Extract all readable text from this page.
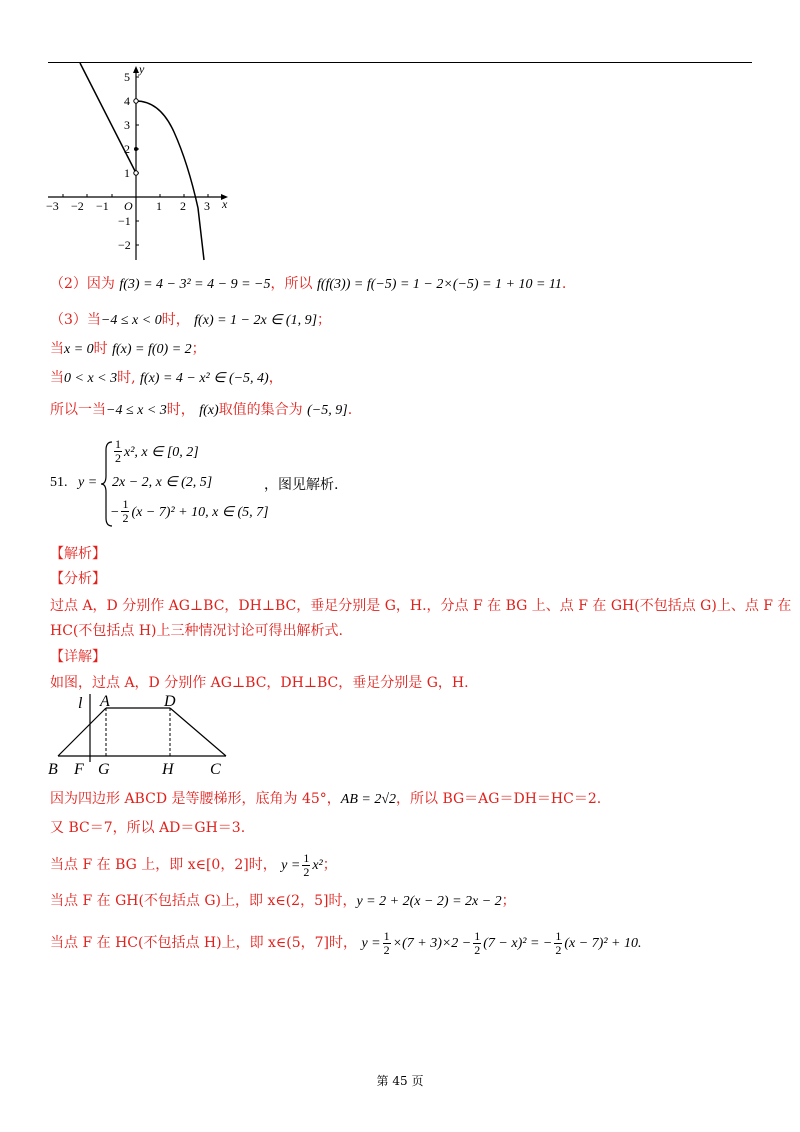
−3 −2 −1 O 1 2 3 x
y
5
4
3
2
1
−1
−2
（2）因为 f(3) = 4 − 3² = 4 − 9 = −5，所以 f(f(3)) = f(−5) = 1 − 2×(−5) = 1 + 10 = 11.
（3）当−4 ≤ x < 0时， f(x) = 1 − 2x ∈ (1, 9]；
当x = 0时 f(x) = f(0) = 2；
当0 < x < 3时, f(x) = 4 − x² ∈ (−5, 4)，
所以一当−4 ≤ x < 3时， f(x)取值的集合为 (−5, 9].
51. y =
$\frac{1}{2} x^2$, x ∈ [0, 2]
2x − 2, x ∈ (2, 5]
− $\frac{1}{2} (x - 7)^2 + 10$, x ∈ (5, 7]
，图见解析.
【解析】
【分析】
过点 A，D 分别作 AG⊥BC，DH⊥BC，垂足分别是 G，H.，分点 F 在 BG 上、点 F 在 GH(不包括点 G)上、点 F 在
HC(不包括点 H)上三种情况讨论可得出解析式.
【详解】
如图，过点 A，D 分别作 AG⊥BC，DH⊥BC，垂足分别是 G，H.
l A	D
B F G	H C
因为四边形 ABCD 是等腰梯形，底角为 45°，AB = 2√2，所以 BG＝AG＝DH＝HC＝2.
又 BC＝7，所以 AD＝GH＝3.
当点 F 在 BG 上，即 x∈[0，2]时， $y = \frac{1}{2} x^2$；
当点 F 在 GH(不包括点 G)上，即 x∈(2，5]时，y = 2 + 2(x − 2) = 2x − 2；
当点 F 在 HC(不包括点 H)上，即 x∈(5，7]时， $y = \frac{1}{2} \times(7 + 3)\times 2 - \frac{1}{2} (7 - x)^2$ = − $\frac{1}{2} (x - 7)^2 + 10$.
第 45 页
